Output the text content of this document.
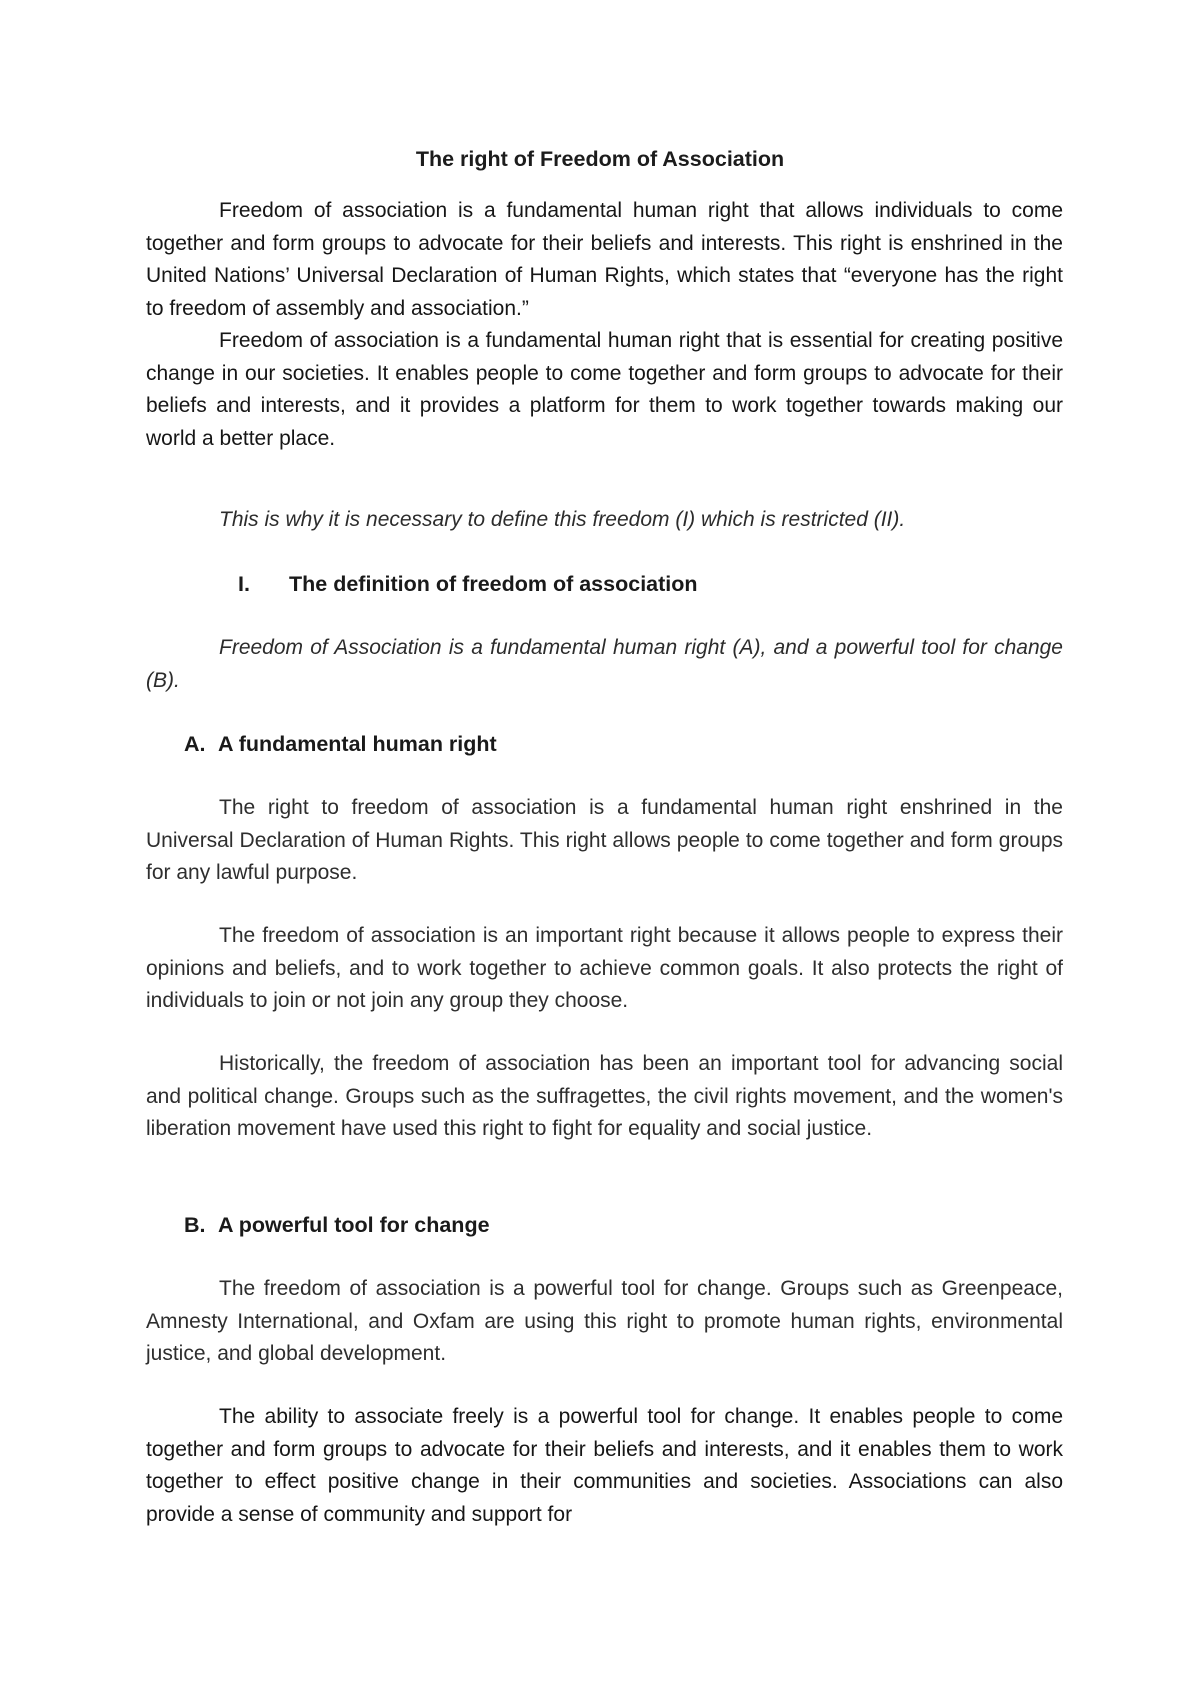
The right of Freedom of Association

Freedom of association is a fundamental human right that allows individuals to come together and form groups to advocate for their beliefs and interests. This right is enshrined in the United Nations’ Universal Declaration of Human Rights, which states that “everyone has the right to freedom of assembly and association.”

Freedom of association is a fundamental human right that is essential for creating positive change in our societies. It enables people to come together and form groups to advocate for their beliefs and interests, and it provides a platform for them to work together towards making our world a better place.

This is why it is necessary to define this freedom (I) which is restricted (II).

I. The definition of freedom of association

Freedom of Association is a fundamental human right (A), and a powerful tool for change (B).

A. A fundamental human right

The right to freedom of association is a fundamental human right enshrined in the Universal Declaration of Human Rights. This right allows people to come together and form groups for any lawful purpose.

The freedom of association is an important right because it allows people to express their opinions and beliefs, and to work together to achieve common goals. It also protects the right of individuals to join or not join any group they choose.

Historically, the freedom of association has been an important tool for advancing social and political change. Groups such as the suffragettes, the civil rights movement, and the women's liberation movement have used this right to fight for equality and social justice.

B. A powerful tool for change

The freedom of association is a powerful tool for change. Groups such as Greenpeace, Amnesty International, and Oxfam are using this right to promote human rights, environmental justice, and global development.

The ability to associate freely is a powerful tool for change. It enables people to come together and form groups to advocate for their beliefs and interests, and it enables them to work together to effect positive change in their communities and societies. Associations can also provide a sense of community and support for
